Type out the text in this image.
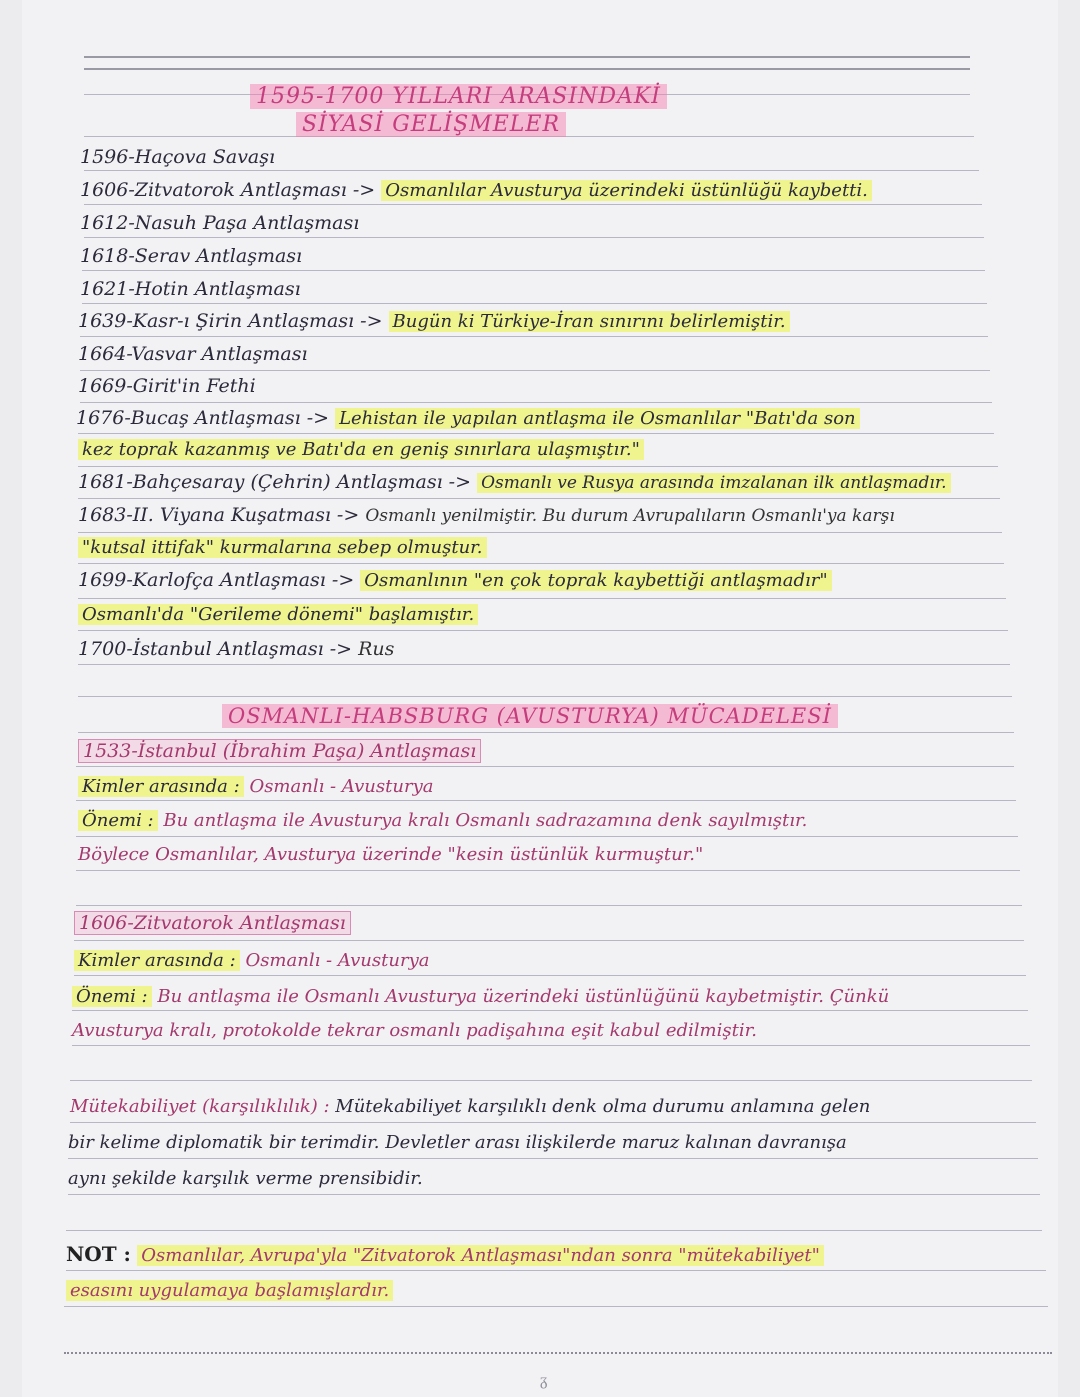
1595-1700 YILLARI ARASINDAKİ
SİYASİ GELİŞMELER
1596-Haçova Savaşı
1606-Zitvatorok Antlaşması -> Osmanlılar Avusturya üzerindeki üstünlüğü kaybetti.
1612-Nasuh Paşa Antlaşması
1618-Serav Antlaşması
1621-Hotin Antlaşması
1639-Kasr-ı Şirin Antlaşması -> Bugün ki Türkiye-İran sınırını belirlemiştir.
1664-Vasvar Antlaşması
1669-Girit'in Fethi
1676-Bucaş Antlaşması -> Lehistan ile yapılan antlaşma ile Osmanlılar "Batı'da son
kez toprak kazanmış ve Batı'da en geniş sınırlara ulaşmıştır."
1681-Bahçesaray (Çehrin) Antlaşması -> Osmanlı ve Rusya arasında imzalanan ilk antlaşmadır.
1683-II. Viyana Kuşatması -> Osmanlı yenilmiştir. Bu durum Avrupalıların Osmanlı'ya karşı
"kutsal ittifak" kurmalarına sebep olmuştur.
1699-Karlofça Antlaşması -> Osmanlının "en çok toprak kaybettiği antlaşmadır"
Osmanlı'da "Gerileme dönemi" başlamıştır.
1700-İstanbul Antlaşması -> Rus
OSMANLI-HABSBURG (AVUSTURYA) MÜCADELESİ
1533-İstanbul (İbrahim Paşa) Antlaşması
Kimler arasında : Osmanlı - Avusturya
Önemi : Bu antlaşma ile Avusturya kralı Osmanlı sadrazamına denk sayılmıştır.
Böylece Osmanlılar, Avusturya üzerinde "kesin üstünlük kurmuştur."
1606-Zitvatorok Antlaşması
Kimler arasında : Osmanlı - Avusturya
Önemi : Bu antlaşma ile Osmanlı Avusturya üzerindeki üstünlüğünü kaybetmiştir. Çünkü
Avusturya kralı, protokolde tekrar osmanlı padişahına eşit kabul edilmiştir.
Mütekabiliyet (karşılıklılık) : Mütekabiliyet karşılıklı denk olma durumu anlamına gelen
bir kelime diplomatik bir terimdir. Devletler arası ilişkilerde maruz kalınan davranışa
aynı şekilde karşılık verme prensibidir.
NOT : Osmanlılar, Avrupa'yla "Zitvatorok Antlaşması"ndan sonra "mütekabiliyet"
esasını uygulamaya başlamışlardır.
ᵹ
